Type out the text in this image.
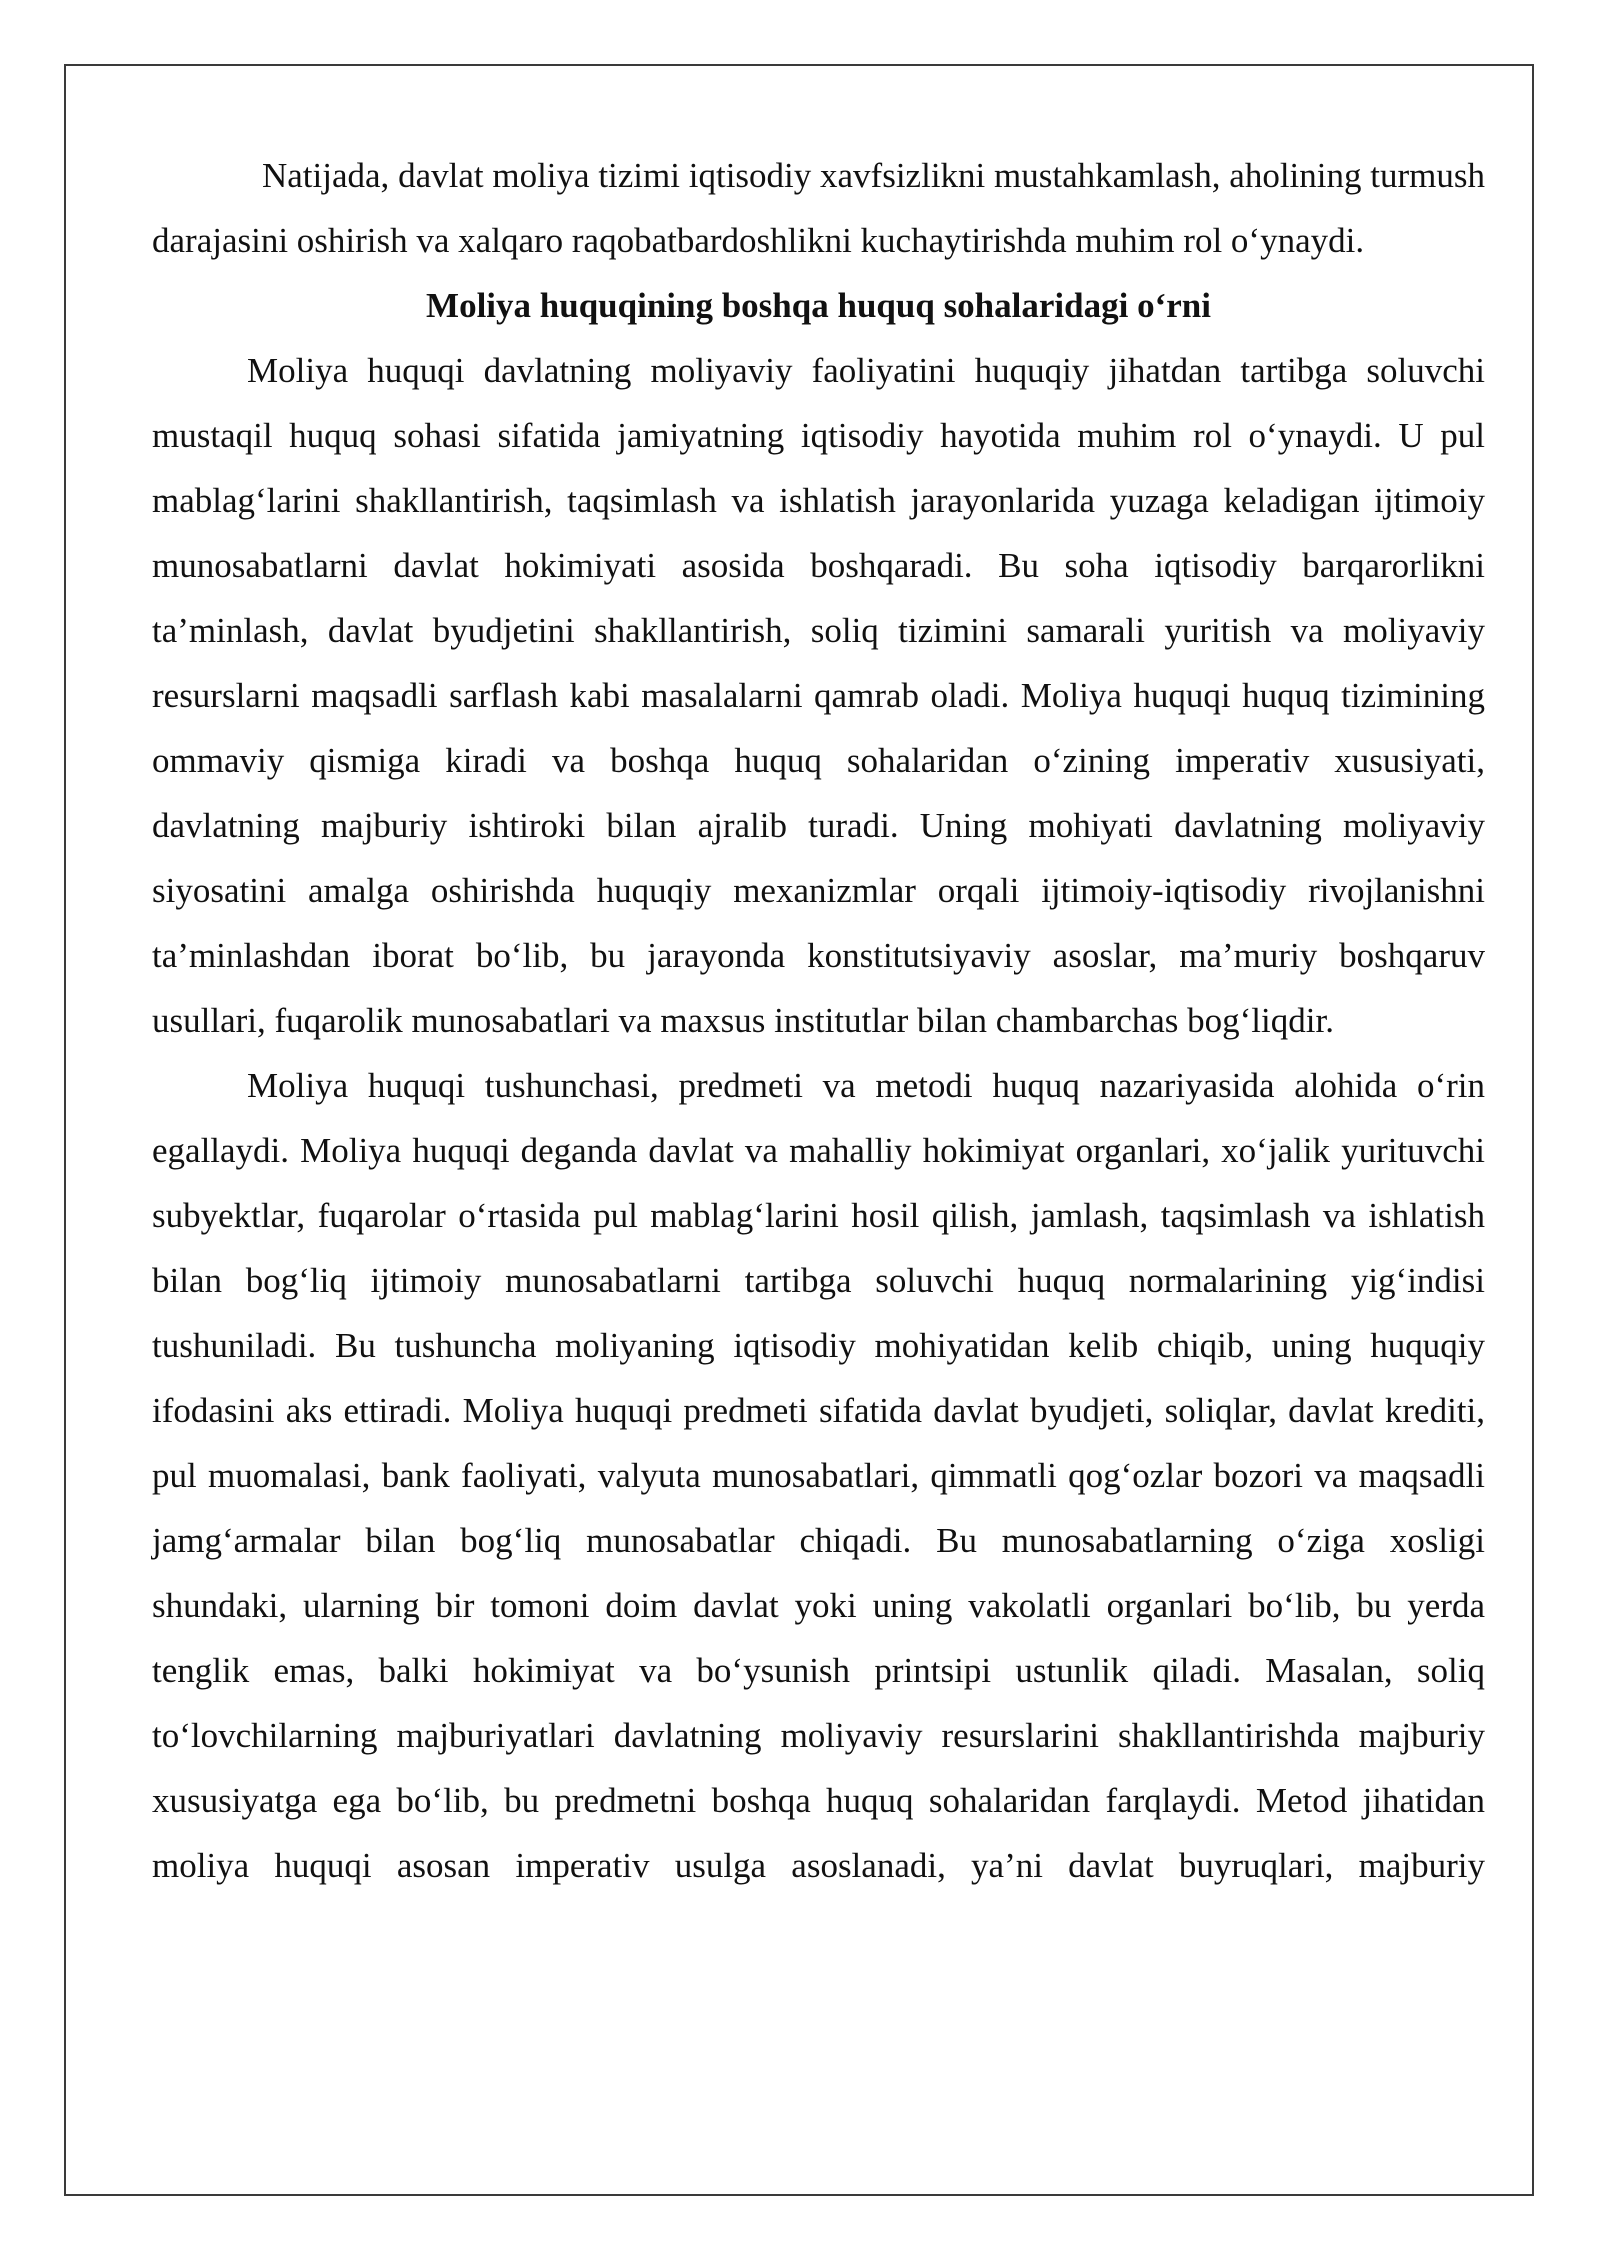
Natijada, davlat moliya tizimi iqtisodiy xavfsizlikni mustahkamlash, aholining turmush darajasini oshirish va xalqaro raqobatbardoshlikni kuchaytirishda muhim rol o‘ynaydi.

Moliya huquqining boshqa huquq sohalaridagi o‘rni

Moliya huquqi davlatning moliyaviy faoliyatini huquqiy jihatdan tartibga soluvchi mustaqil huquq sohasi sifatida jamiyatning iqtisodiy hayotida muhim rol o‘ynaydi. U pul mablag‘larini shakllantirish, taqsimlash va ishlatish jarayonlarida yuzaga keladigan ijtimoiy munosabatlarni davlat hokimiyati asosida boshqaradi. Bu soha iqtisodiy barqarorlikni ta’minlash, davlat byudjetini shakllantirish, soliq tizimini samarali yuritish va moliyaviy resurslarni maqsadli sarflash kabi masalalarni qamrab oladi. Moliya huquqi huquq tizimining ommaviy qismiga kiradi va boshqa huquq sohalaridan o‘zining imperativ xususiyati, davlatning majburiy ishtiroki bilan ajralib turadi. Uning mohiyati davlatning moliyaviy siyosatini amalga oshirishda huquqiy mexanizmlar orqali ijtimoiy-iqtisodiy rivojlanishni ta’minlashdan iborat bo‘lib, bu jarayonda konstitutsiyaviy asoslar, ma’muriy boshqaruv usullari, fuqarolik munosabatlari va maxsus institutlar bilan chambarchas bog‘liqdir.

Moliya huquqi tushunchasi, predmeti va metodi huquq nazariyasida alohida o‘rin egallaydi. Moliya huquqi deganda davlat va mahalliy hokimiyat organlari, xo‘jalik yurituvchi subyektlar, fuqarolar o‘rtasida pul mablag‘larini hosil qilish, jamlash, taqsimlash va ishlatish bilan bog‘liq ijtimoiy munosabatlarni tartibga soluvchi huquq normalarining yig‘indisi tushuniladi. Bu tushuncha moliyaning iqtisodiy mohiyatidan kelib chiqib, uning huquqiy ifodasini aks ettiradi. Moliya huquqi predmeti sifatida davlat byudjeti, soliqlar, davlat krediti, pul muomalasi, bank faoliyati, valyuta munosabatlari, qimmatli qog‘ozlar bozori va maqsadli jamg‘armalar bilan bog‘liq munosabatlar chiqadi. Bu munosabatlarning o‘ziga xosligi shundaki, ularning bir tomoni doim davlat yoki uning vakolatli organlari bo‘lib, bu yerda tenglik emas, balki hokimiyat va bo‘ysunish printsipi ustunlik qiladi. Masalan, soliq to‘lovchilarning majburiyatlari davlatning moliyaviy resurslarini shakllantirishda majburiy xususiyatga ega bo‘lib, bu predmetni boshqa huquq sohalaridan farqlaydi. Metod jihatidan moliya huquqi asosan imperativ usulga asoslanadi, ya’ni davlat buyruqlari, majburiy
